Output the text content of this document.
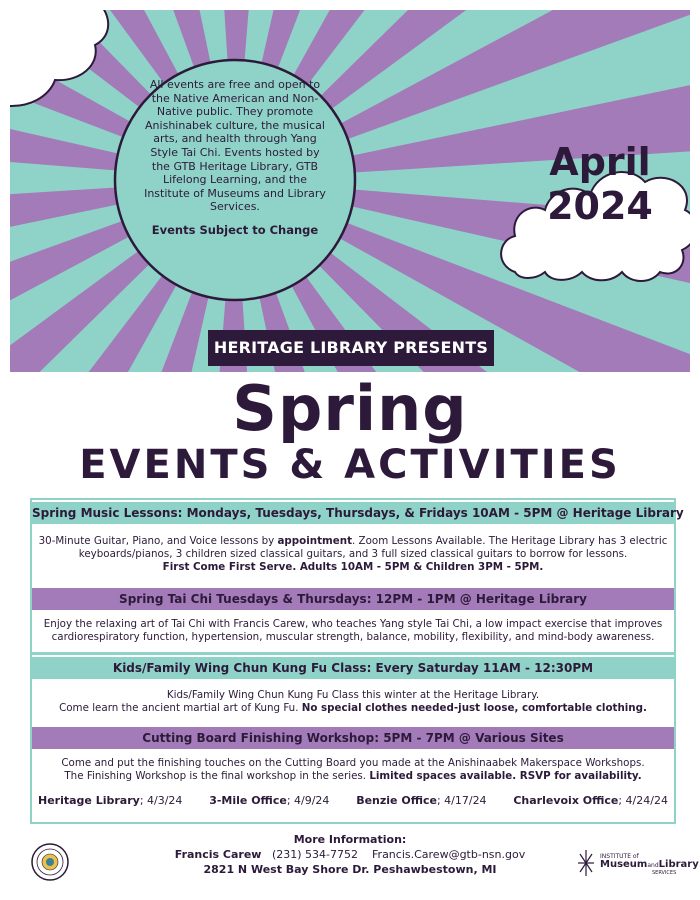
All events are free and open to the Native American and Non-Native public. They promote Anishinabek culture, the musical arts, and health through Yang Style Tai Chi. Events hosted by the GTB Heritage Library, GTB Lifelong Learning, and the Institute of Museums and Library Services.
Events Subject to Change
April
2024
HERITAGE LIBRARY PRESENTS
Spring
EVENTS & ACTIVITIES
Spring Music Lessons: Mondays, Tuesdays, Thursdays, & Fridays 10AM - 5PM @ Heritage Library
30-Minute Guitar, Piano, and Voice lessons by appointment. Zoom Lessons Available. The Heritage Library has 3 electric keyboards/pianos, 3 children sized classical guitars, and 3 full sized classical guitars to borrow for lessons.
First Come First Serve. Adults 10AM - 5PM & Children 3PM - 5PM.
Spring Tai Chi Tuesdays & Thursdays: 12PM - 1PM @ Heritage Library
Enjoy the relaxing art of Tai Chi with Francis Carew, who teaches Yang style Tai Chi, a low impact exercise that improves cardiorespiratory function, hypertension, muscular strength, balance, mobility, flexibility, and mind-body awareness.
Kids/Family Wing Chun Kung Fu Class: Every Saturday 11AM - 12:30PM
Kids/Family Wing Chun Kung Fu Class this winter at the Heritage Library.
Come learn the ancient martial art of Kung Fu. No special clothes needed-just loose, comfortable clothing.
Cutting Board Finishing Workshop: 5PM - 7PM @ Various Sites
Come and put the finishing touches on the Cutting Board you made at the Anishinaabek Makerspace Workshops.
The Finishing Workshop is the final workshop in the series. Limited spaces available. RSVP for availability.
Heritage Library; 4/3/24 3-Mile Office; 4/9/24 Benzie Office; 4/17/24 Charlevoix Office; 4/24/24
More Information:
Francis Carew (231) 534-7752 Francis.Carew@gtb-nsn.gov
2821 N West Bay Shore Dr. Peshawbestown, MI
INSTITUTE of
MuseumandLibrary
SERVICES
